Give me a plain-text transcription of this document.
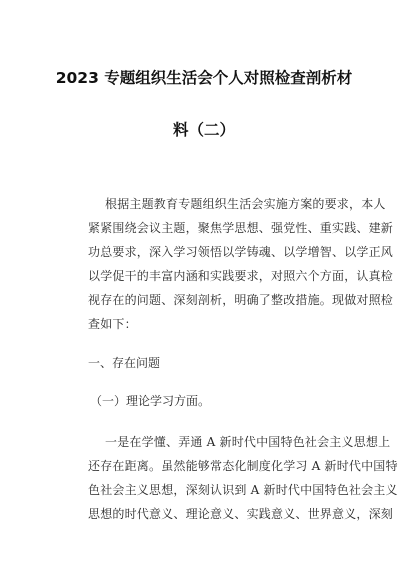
2023 专题组织生活会个人对照检查剖析材
料（二）
根据主题教育专题组织生活会实施方案的要求，本人
紧紧围绕会议主题，聚焦学思想、强党性、重实践、建新
功总要求，深入学习领悟以学铸魂、以学增智、以学正风
以学促干的丰富内涵和实践要求，对照六个方面，认真检
视存在的问题、深刻剖析，明确了整改措施。现做对照检
查如下：
一、存在问题
（一）理论学习方面。
一是在学懂、弄通 A 新时代中国特色社会主义思想上
还存在距离。虽然能够常态化制度化学习 A 新时代中国特
色社会主义思想，深刻认识到 A 新时代中国特色社会主义
思想的时代意义、理论意义、实践意义、世界意义，深刻
